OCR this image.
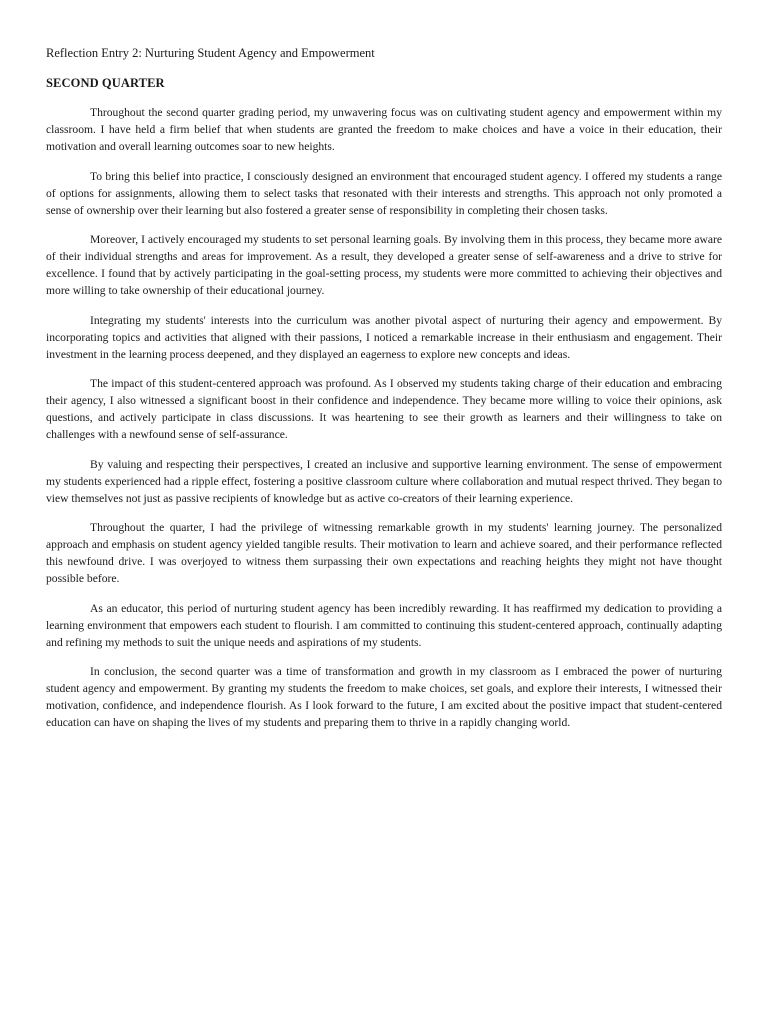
Reflection Entry 2: Nurturing Student Agency and Empowerment
SECOND QUARTER

Throughout the second quarter grading period, my unwavering focus was on cultivating student agency and empowerment within my classroom. I have held a firm belief that when students are granted the freedom to make choices and have a voice in their education, their motivation and overall learning outcomes soar to new heights.

To bring this belief into practice, I consciously designed an environment that encouraged student agency. I offered my students a range of options for assignments, allowing them to select tasks that resonated with their interests and strengths. This approach not only promoted a sense of ownership over their learning but also fostered a greater sense of responsibility in completing their chosen tasks.

Moreover, I actively encouraged my students to set personal learning goals. By involving them in this process, they became more aware of their individual strengths and areas for improvement. As a result, they developed a greater sense of self-awareness and a drive to strive for excellence. I found that by actively participating in the goal-setting process, my students were more committed to achieving their objectives and more willing to take ownership of their educational journey.

Integrating my students' interests into the curriculum was another pivotal aspect of nurturing their agency and empowerment. By incorporating topics and activities that aligned with their passions, I noticed a remarkable increase in their enthusiasm and engagement. Their investment in the learning process deepened, and they displayed an eagerness to explore new concepts and ideas.

The impact of this student-centered approach was profound. As I observed my students taking charge of their education and embracing their agency, I also witnessed a significant boost in their confidence and independence. They became more willing to voice their opinions, ask questions, and actively participate in class discussions. It was heartening to see their growth as learners and their willingness to take on challenges with a newfound sense of self-assurance.

By valuing and respecting their perspectives, I created an inclusive and supportive learning environment. The sense of empowerment my students experienced had a ripple effect, fostering a positive classroom culture where collaboration and mutual respect thrived. They began to view themselves not just as passive recipients of knowledge but as active co-creators of their learning experience.

Throughout the quarter, I had the privilege of witnessing remarkable growth in my students' learning journey. The personalized approach and emphasis on student agency yielded tangible results. Their motivation to learn and achieve soared, and their performance reflected this newfound drive. I was overjoyed to witness them surpassing their own expectations and reaching heights they might not have thought possible before.

As an educator, this period of nurturing student agency has been incredibly rewarding. It has reaffirmed my dedication to providing a learning environment that empowers each student to flourish. I am committed to continuing this student-centered approach, continually adapting and refining my methods to suit the unique needs and aspirations of my students.

In conclusion, the second quarter was a time of transformation and growth in my classroom as I embraced the power of nurturing student agency and empowerment. By granting my students the freedom to make choices, set goals, and explore their interests, I witnessed their motivation, confidence, and independence flourish. As I look forward to the future, I am excited about the positive impact that student-centered education can have on shaping the lives of my students and preparing them to thrive in a rapidly changing world.
